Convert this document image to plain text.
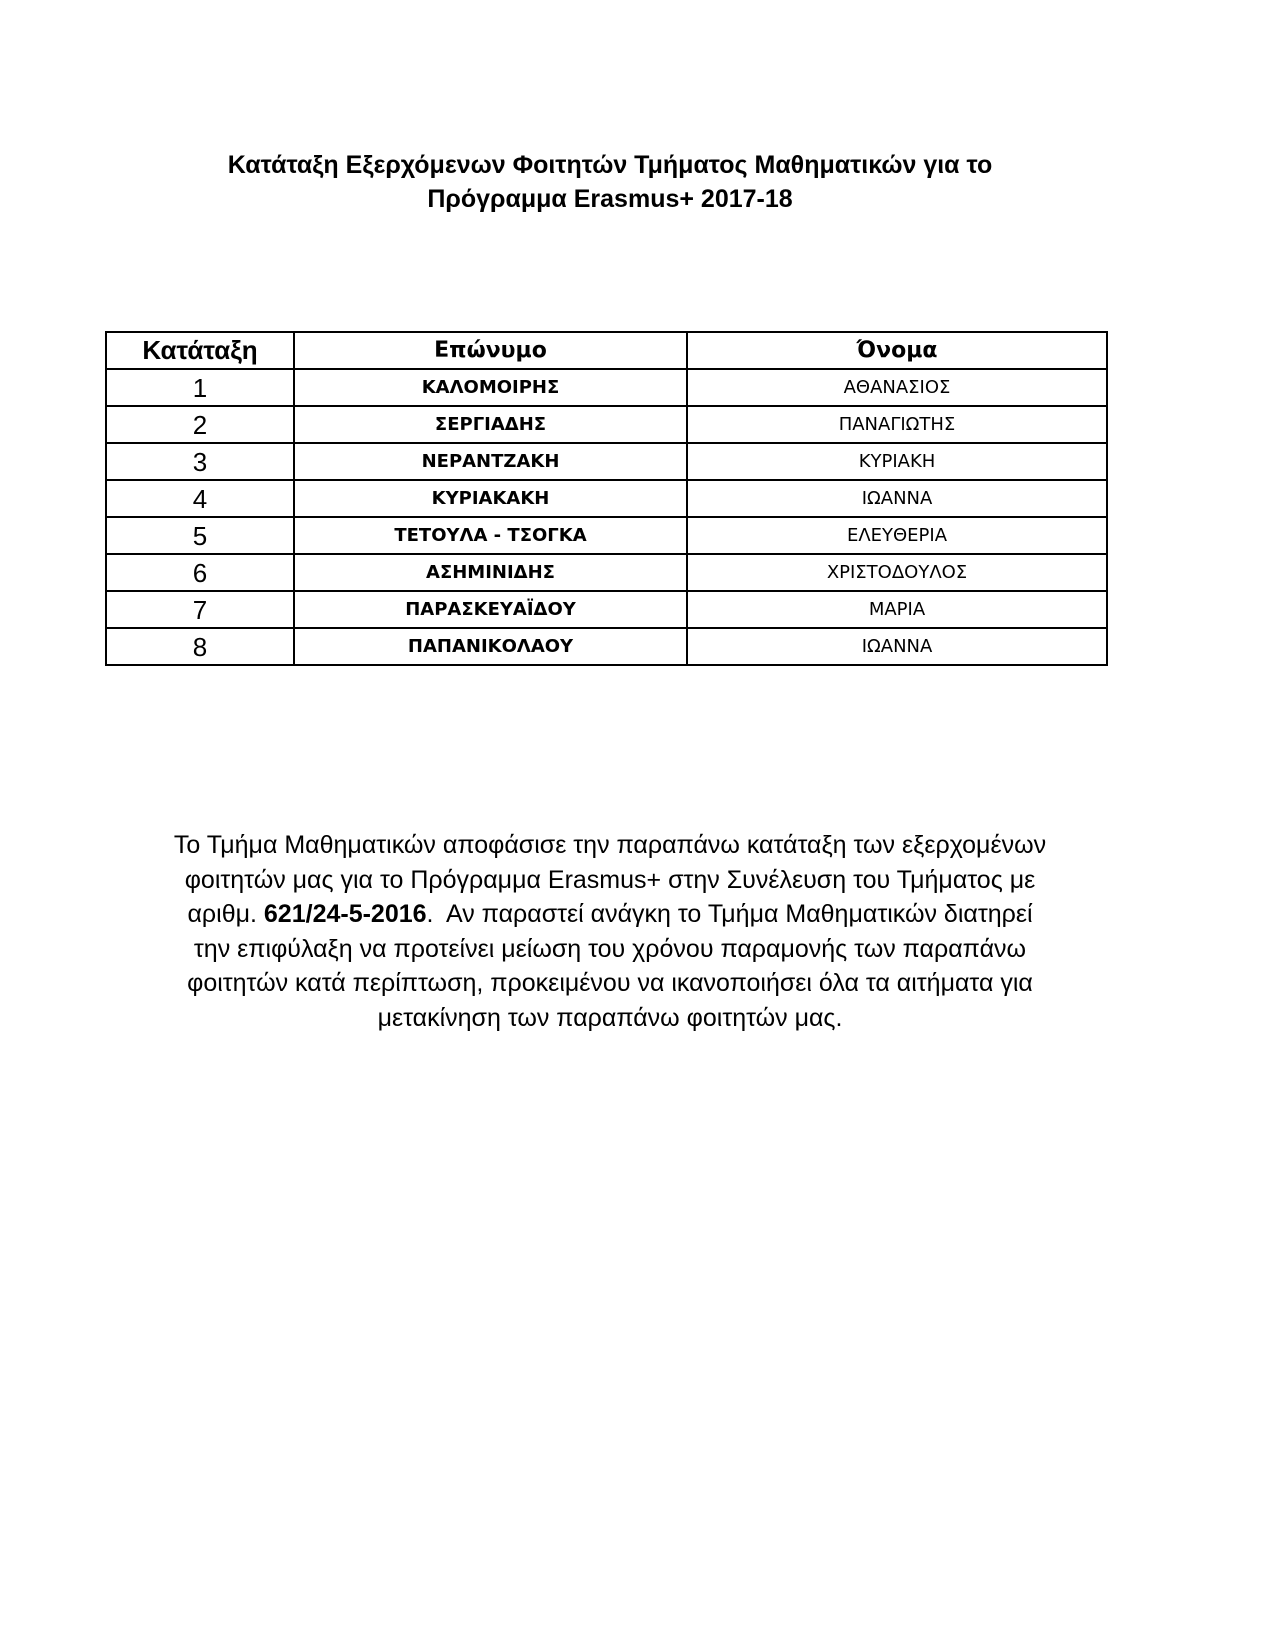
Κατάταξη Εξερχόμενων Φοιτητών Τμήματος Μαθηματικών για το
Πρόγραμμα Erasmus+ 2017-18
Κατάταξη	Επώνυμο	Όνομα
1	ΚΑΛΟΜΟΙΡΗΣ	ΑΘΑΝΑΣΙΟΣ
2	ΣΕΡΓΙΑΔΗΣ	ΠΑΝΑΓΙΩΤΗΣ
3	ΝΕΡΑΝΤΖΑΚΗ	ΚΥΡΙΑΚΗ
4	ΚΥΡΙΑΚΑΚΗ	ΙΩΑΝΝΑ
5	ΤΕΤΟΥΛΑ - ΤΣΟΓΚΑ	ΕΛΕΥΘΕΡΙΑ
6	ΑΣΗΜΙΝΙΔΗΣ	ΧΡΙΣΤΟΔΟΥΛΟΣ
7	ΠΑΡΑΣΚΕΥΑΪΔΟΥ	ΜΑΡΙΑ
8	ΠΑΠΑΝΙΚΟΛΑΟΥ	ΙΩΑΝΝΑ
Το Τμήμα Μαθηματικών αποφάσισε την παραπάνω κατάταξη των εξερχομένων
φοιτητών μας για το Πρόγραμμα Erasmus+ στην Συνέλευση του Τμήματος με
αριθμ. 621/24-5-2016.  Αν παραστεί ανάγκη το Τμήμα Μαθηματικών διατηρεί
την επιφύλαξη να προτείνει μείωση του χρόνου παραμονής των παραπάνω
φοιτητών κατά περίπτωση, προκειμένου να ικανοποιήσει όλα τα αιτήματα για
μετακίνηση των παραπάνω φοιτητών μας.
